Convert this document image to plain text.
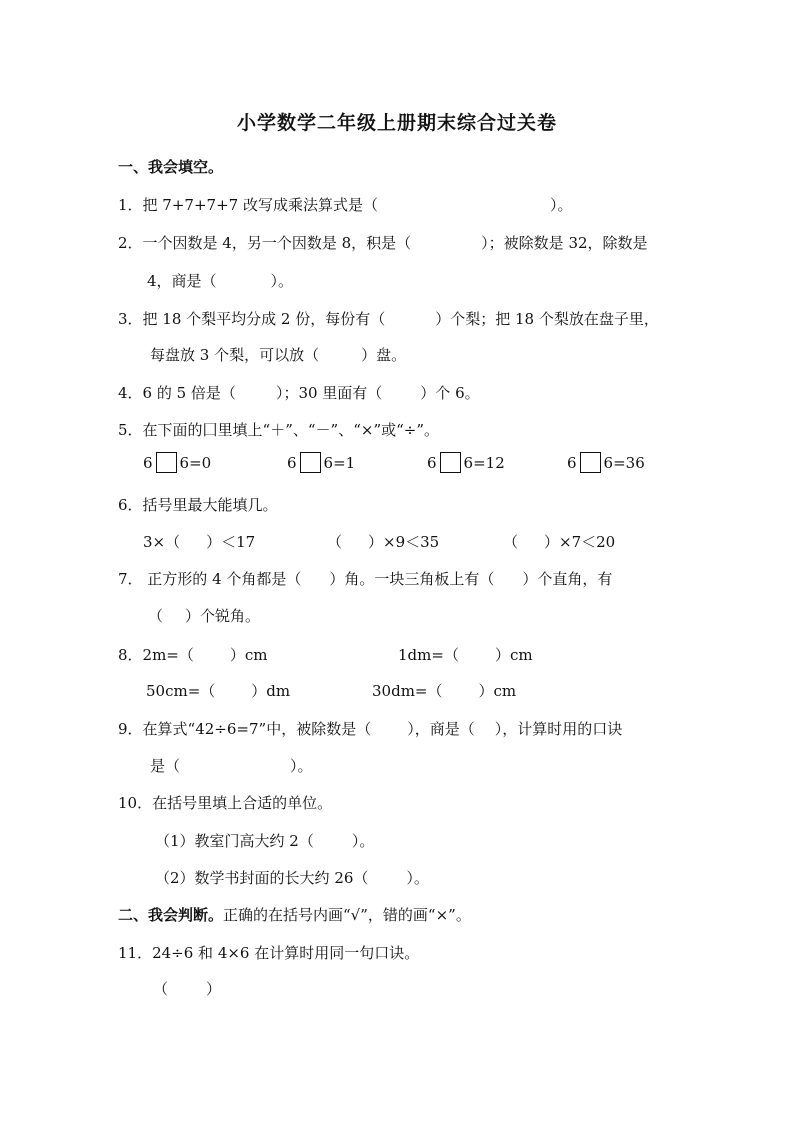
小学数学二年级上册期末综合过关卷
一、我会填空。
1．把 7+7+7+7 改写成乘法算式是（	）。
2．一个因数是 4，另一个因数是 8，积是（	）；被除数是 32，除数是
4，商是（	）。
3．把 18 个梨平均分成 2 份，每份有（	）个梨；把 18 个梨放在盘子里，
每盘放 3 个梨，可以放（	）盘。
4．6 的 5 倍是（	）；30 里面有（	）个 6。
5．在下面的囗里填上“＋”、“－”、“×”或“÷”。
6 6=0	6 6=1	6 6=12	6 6=36
6．括号里最大能填几。
3×（ ）＜17	（ ）×9＜35	（ ）×7＜20
7． 正方形的 4 个角都是（ ）角。一块三角板上有（ ）个直角，有
（ ）个锐角。
8．2m=（ ）cm	1dm=（ ）cm
50cm=（ ）dm	30dm=（ ）cm
9．在算式“42÷6=7”中，被除数是（ ），商是（ ），计算时用的口诀
是（	）。
10．在括号里填上合适的单位。
（1）教室门高大约 2（	）。
（2）数学书封面的长大约 26（	）。
二、我会判断。正确的在括号内画“√”，错的画“×”。
11．24÷6 和 4×6 在计算时用同一句口诀。
（	）
